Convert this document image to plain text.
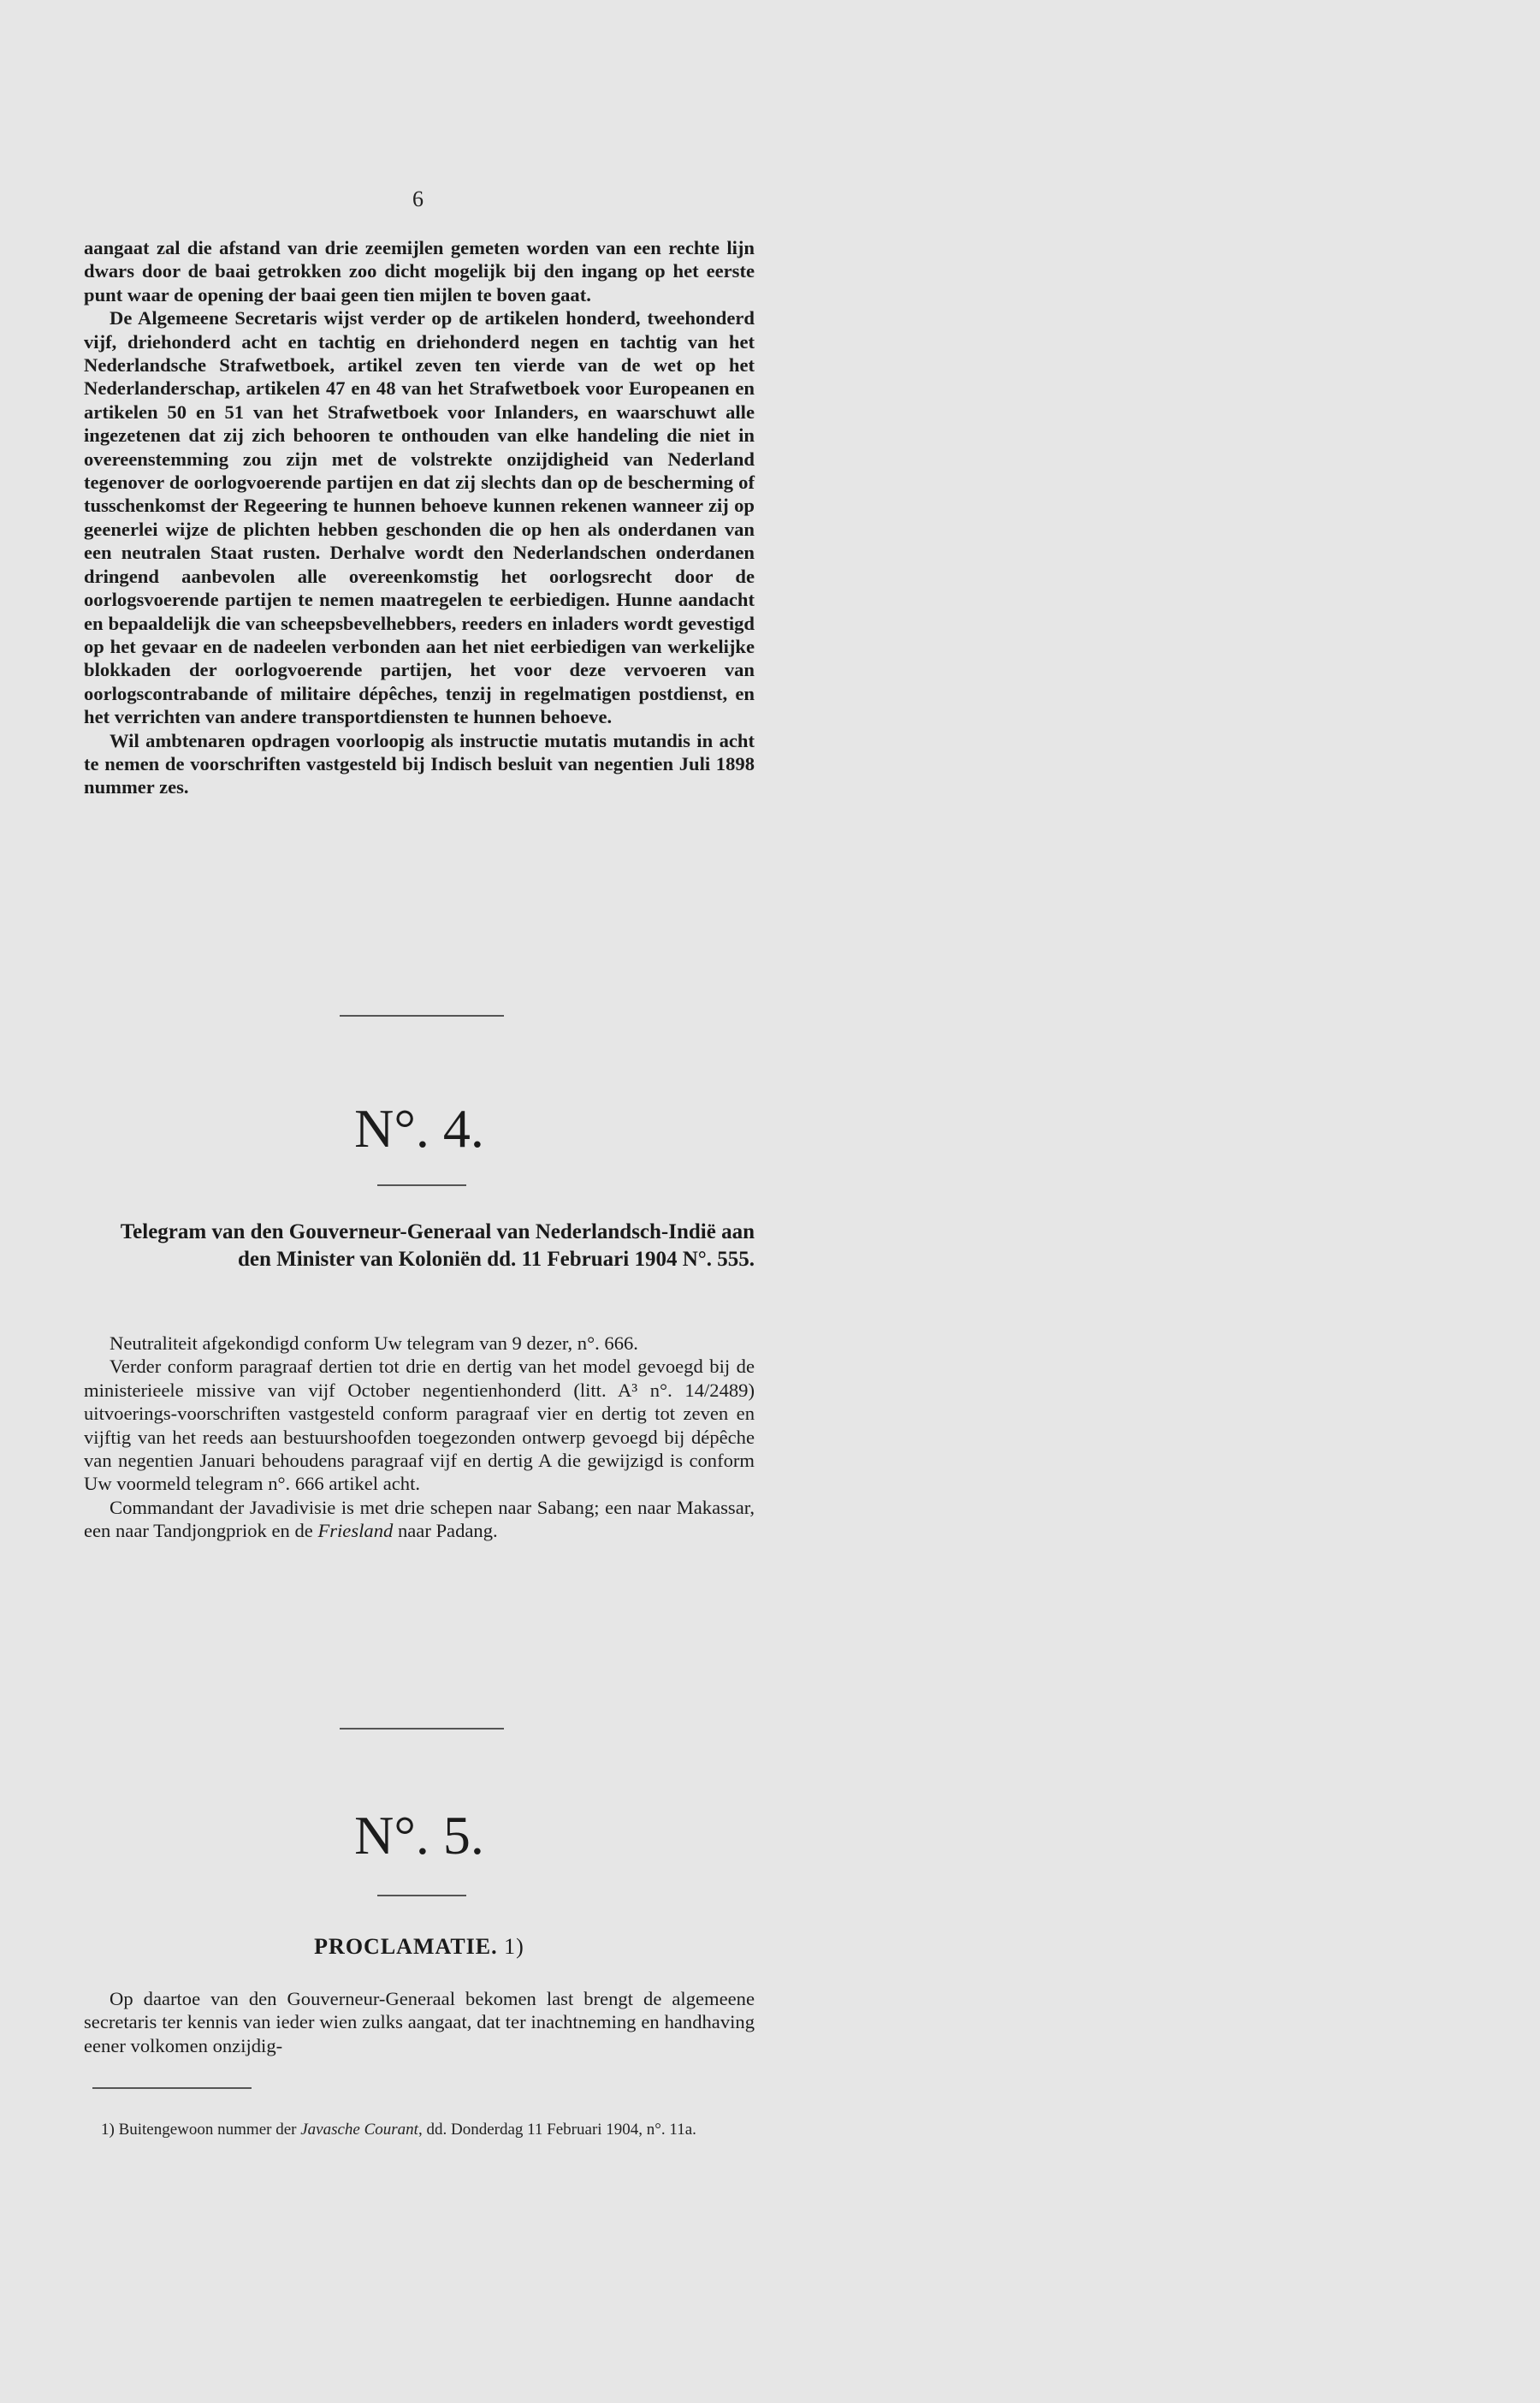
6

aangaat zal die afstand van drie zeemijlen gemeten worden van een rechte lijn dwars door de baai getrokken zoo dicht mogelijk bij den ingang op het eerste punt waar de opening der baai geen tien mijlen te boven gaat.

De Algemeene Secretaris wijst verder op de artikelen honderd, tweehonderd vijf, driehonderd acht en tachtig en driehonderd negen en tachtig van het Nederlandsche Strafwetboek, artikel zeven ten vierde van de wet op het Nederlanderschap, artikelen 47 en 48 van het Strafwetboek voor Europeanen en artikelen 50 en 51 van het Strafwetboek voor Inlanders, en waarschuwt alle ingezetenen dat zij zich behooren te onthouden van elke handeling die niet in overeenstemming zou zijn met de volstrekte onzijdigheid van Nederland tegenover de oorlogvoerende partijen en dat zij slechts dan op de bescherming of tusschenkomst der Regeering te hunnen behoeve kunnen rekenen wanneer zij op geenerlei wijze de plichten hebben geschonden die op hen als onderdanen van een neutralen Staat rusten. Derhalve wordt den Nederlandschen onderdanen dringend aanbevolen alle overeenkomstig het oorlogsrecht door de oorlogsvoerende partijen te nemen maatregelen te eerbiedigen. Hunne aandacht en bepaaldelijk die van scheepsbevelhebbers, reeders en inladers wordt gevestigd op het gevaar en de nadeelen verbonden aan het niet eerbiedigen van werkelijke blokkaden der oorlogvoerende partijen, het voor deze vervoeren van oorlogscontrabande of militaire dépêches, tenzij in regelmatigen postdienst, en het verrichten van andere transportdiensten te hunnen behoeve.

Wil ambtenaren opdragen voorloopig als instructie mutatis mutandis in acht te nemen de voorschriften vastgesteld bij Indisch besluit van negentien Juli 1898 nummer zes.

N°. 4.
Telegram van den Gouverneur-Generaal van Nederlandsch-Indië aan den Minister van Koloniën dd. 11 Februari 1904 N°. 555.

Neutraliteit afgekondigd conform Uw telegram van 9 dezer, n°. 666.

Verder conform paragraaf dertien tot drie en dertig van het model gevoegd bij de ministerieele missive van vijf October negentienhonderd (litt. A³ n°. 14/2489) uitvoerings-voorschriften vastgesteld conform paragraaf vier en dertig tot zeven en vijftig van het reeds aan bestuurshoofden toegezonden ontwerp gevoegd bij dépêche van negentien Januari behoudens paragraaf vijf en dertig A die gewijzigd is conform Uw voormeld telegram n°. 666 artikel acht.

Commandant der Javadivisie is met drie schepen naar Sabang; een naar Makassar, een naar Tandjongpriok en de Friesland naar Padang.

N°. 5.
PROCLAMATIE. 1)

Op daartoe van den Gouverneur-Generaal bekomen last brengt de algemeene secretaris ter kennis van ieder wien zulks aangaat, dat ter inachtneming en handhaving eener volkomen onzijdig-

1) Buitengewoon nummer der Javasche Courant, dd. Donderdag 11 Februari 1904, n°. 11a.
